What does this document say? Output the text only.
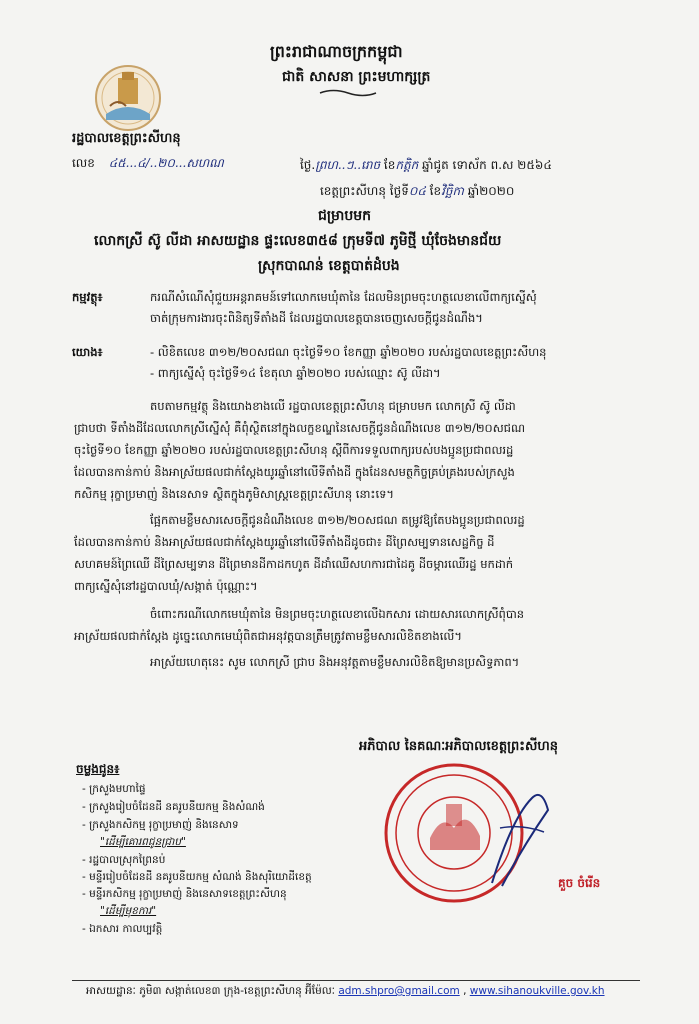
ព្រះរាជាណាចក្រកម្ពុជា
ជាតិ សាសនា ព្រះមហាក្សត្រ
រដ្ឋបាលខេត្តព្រះសីហនុ
លេខ ៤៥...៤/..២០...សហណ	ថ្ងៃ.ព្រហ..ៗ..រោច ខែកត្តិក ឆ្នាំជូត ទោស័ក ព.ស ២៥៦៤
ខេត្តព្រះសីហនុ ថ្ងៃទី០៤ ខែវិច្ឆិកា ឆ្នាំ២០២០
ជម្រាបមក
លោកស្រី ស៊ូ លីដា អាសយដ្ឋាន ផ្ទះលេខ៣៥៨ ក្រុមទី៧ ភូមិថ្មី ឃុំចែងមានជ័យ
ស្រុកបាណន់ ខេត្តបាត់ដំបង
កម្មវត្ថុ៖	ករណីសំណើសុំជួយអន្តរាគមន៍ទៅលោកមេឃុំតានៃ ដែលមិនព្រមចុះហត្ថលេខាលើពាក្យស្នើសុំ
ចាត់ក្រុមការងារចុះពិនិត្យទីតាំងដី ដែលរដ្ឋបាលខេត្តបានចេញសេចក្តីជូនដំណឹង។
យោង៖	- លិខិតលេខ ៣១២/២០សជណ ចុះថ្ងៃទី១០ ខែកញ្ញា ឆ្នាំ២០២០ របស់រដ្ឋបាលខេត្តព្រះសីហនុ
- ពាក្យស្នើសុំ ចុះថ្ងៃទី១៤ ខែតុលា ឆ្នាំ២០២០ របស់ឈ្មោះ ស៊ូ លីដា។
តបតាមកម្មវត្ថុ និងយោងខាងលើ រដ្ឋបាលខេត្តព្រះសីហនុ ជម្រាបមក លោកស្រី ស៊ូ លីដា
ជ្រាបថា ទីតាំងដីដែលលោកស្រីស្នើសុំ គឺពុំស្ថិតនៅក្នុងលក្ខខណ្ឌនៃសេចក្តីជូនដំណឹងលេខ ៣១២/២០សជណ
ចុះថ្ងៃទី១០ ខែកញ្ញា ឆ្នាំ២០២០ របស់រដ្ឋបាលខេត្តព្រះសីហនុ ស្តីពីការទទួលពាក្យរបស់បងប្អូនប្រជាពលរដ្ឋ
ដែលបានកាន់កាប់ និងអាស្រ័យផលជាក់ស្តែងយូរឆ្នាំនៅលើទីតាំងដី ក្នុងដែនសមត្ថកិច្ចគ្រប់គ្រងរបស់ក្រសួង
កសិកម្ម រុក្ខាប្រមាញ់ និងនេសាទ ស្ថិតក្នុងភូមិសាស្ត្រខេត្តព្រះសីហនុ នោះទេ។
ផ្អែកតាមខ្លឹមសារសេចក្តីជូនដំណឹងលេខ ៣១២/២០សជណ តម្រូវឱ្យតែបងប្អូនប្រជាពលរដ្ឋ
ដែលបានកាន់កាប់ និងអាស្រ័យផលជាក់ស្តែងយូរឆ្នាំនៅលើទីតាំងដីដូចជា៖ ដីព្រៃសម្បទានសេដ្ឋកិច្ច ដី
សហគមន៍ព្រៃឈើ ដីព្រៃសម្បទាន ដីព្រៃមានដីកាដកហូត ដីដាំឈើសហការជាដៃគូ ដីចម្ការឈើរដ្ឋ មកដាក់
ពាក្យស្នើសុំនៅរដ្ឋបាលឃុំ/សង្កាត់ ប៉ុណ្ណោះ។
ចំពោះករណីលោកមេឃុំតានៃ មិនព្រមចុះហត្ថលេខាលើឯកសារ ដោយសារលោកស្រីពុំបាន
អាស្រ័យផលជាក់ស្តែង ដូច្នេះលោកមេឃុំពិតជាអនុវត្តបានត្រឹមត្រូវតាមខ្លឹមសារលិខិតខាងលើ។
អាស្រ័យហេតុនេះ សូម លោកស្រី ជ្រាប និងអនុវត្តតាមខ្លឹមសារលិខិតឱ្យមានប្រសិទ្ធភាព។
អភិបាល នៃគណៈអភិបាលខេត្តព្រះសីហនុ
គួច ចំរើន
ចម្លងជូន៖
- ក្រសួងមហាផ្ទៃ
- ក្រសួងរៀបចំដែនដី នគរូបនីយកម្ម និងសំណង់
- ក្រសួងកសិកម្ម រុក្ខាប្រមាញ់ និងនេសាទ
"ដើម្បីគោរពជូនជ្រាប"
- រដ្ឋបាលស្រុកព្រៃនប់
- មន្ទីររៀបចំដែនដី នគរូបនីយកម្ម សំណង់ និងសុរិយោដីខេត្ត
- មន្ទីរកសិកម្ម រុក្ខាប្រមាញ់ និងនេសាទខេត្តព្រះសីហនុ
"ដើម្បីមុខការ"
- ឯកសារ កាលប្បវត្តិ
អាសយដ្ឋានៈ ភូមិ៣ សង្កាត់លេខ៣ ក្រុង-ខេត្តព្រះសីហនុ អ៊ីម៉ែលៈ adm.shpro@gmail.com , www.sihanoukville.gov.kh
